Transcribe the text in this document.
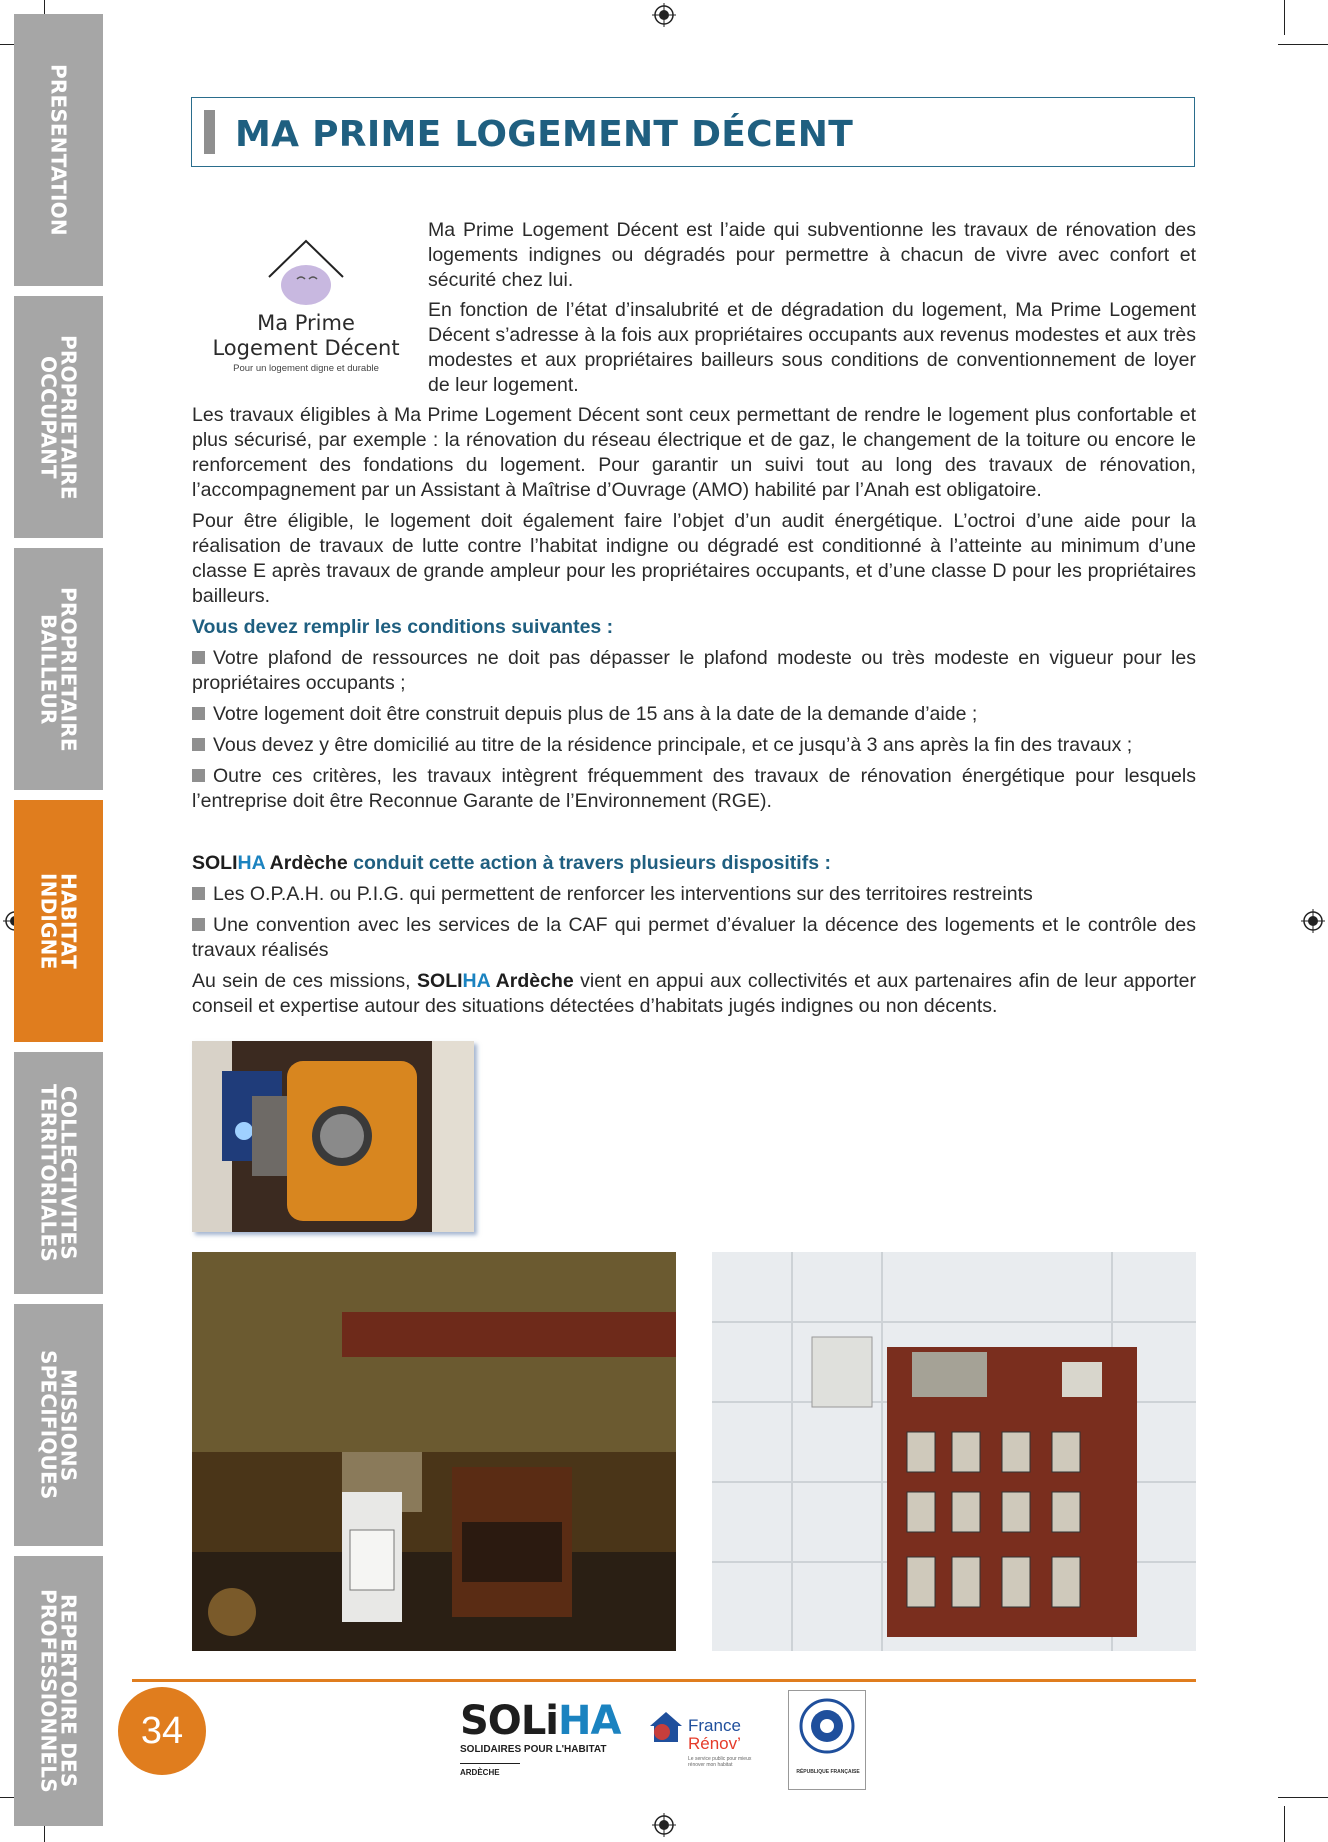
PRESENTATION
PROPRIETAIRE
OCCUPANT
PROPRIETAIRE
BAILLEUR
HABITAT
INDIGNE
COLLECTIVITES
TERRITORIALES
MISSIONS
SPECIFIQUES
REPERTOIRE DES
PROFESSIONNELS
MA PRIME LOGEMENT DÉCENT
Ma Prime
Logement Décent
Pour un logement digne et durable
Ma Prime Logement Décent est l’aide qui subventionne les travaux de rénovation des logements indignes ou dégradés pour permettre à chacun de vivre avec confort et sécurité chez lui.
En fonction de l’état d’insalubrité et de dégradation du logement, Ma Prime Logement Décent s’adresse à la fois aux propriétaires occupants aux revenus modestes et aux très modestes et aux propriétaires bailleurs sous conditions de conventionnement de loyer de leur logement.
Les travaux éligibles à Ma Prime Logement Décent sont ceux permettant de rendre le logement plus confortable et plus sécurisé, par exemple : la rénovation du réseau électrique et de gaz, le changement de la toiture ou encore le renforcement des fondations du logement. Pour garantir un suivi tout au long des travaux de rénovation, l’accompagnement par un Assistant à Maîtrise d’Ouvrage (AMO) habilité par l’Anah est obligatoire.
Pour être éligible, le logement doit également faire l’objet d’un audit énergétique. L’octroi d’une aide pour la réalisation de travaux de lutte contre l’habitat indigne ou dégradé est conditionné à l’atteinte au minimum d’une classe E après travaux de grande ampleur pour les propriétaires occupants, et d’une classe D pour les propriétaires bailleurs.
Vous devez remplir les conditions suivantes :
Votre plafond de ressources ne doit pas dépasser le plafond modeste ou très modeste en vigueur pour les propriétaires occupants ;
Votre logement doit être construit depuis plus de 15 ans à la date de la demande d’aide ;
Vous devez y être domicilié au titre de la résidence principale, et ce jusqu’à 3 ans après la fin des travaux ;
Outre ces critères, les travaux intègrent fréquemment des travaux de rénovation énergétique pour lesquels l’entreprise doit être Reconnue Garante de l’Environnement (RGE).
SOLIHA Ardèche conduit cette action à travers plusieurs dispositifs :
Les O.P.A.H. ou P.I.G. qui permettent de renforcer les interventions sur des territoires restreints
Une convention avec les services de la CAF qui permet d’évaluer la décence des logements et le contrôle des travaux réalisés
Au sein de ces missions, SOLIHA Ardèche vient en appui aux collectivités et aux partenaires afin de leur apporter conseil et expertise autour des situations détectées d’habitats jugés indignes ou non décents.
34	SOLiHA
SOLIDAIRES POUR L'HABITAT
ARDÈCHE
France
Rénov’
Le service public pour mieux rénover mon habitat
RÉPUBLIQUE FRANÇAISE
